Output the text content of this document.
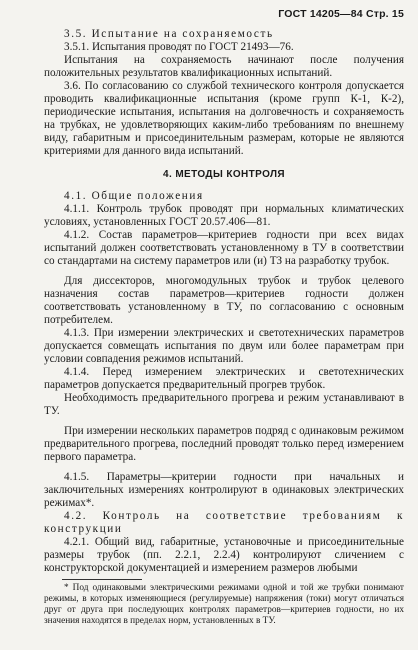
ГОСТ 14205—84 Стр. 15

3.5. Испытание на сохраняемость

3.5.1. Испытания проводят по ГОСТ 21493—76.

Испытания на сохраняемость начинают после получения положительных результатов квалификационных испытаний.

3.6. По согласованию со службой технического контроля допускается проводить квалификационные испытания (кроме групп К-1, К-2), периодические испытания, испытания на долговечность и сохраняемость на трубках, не удовлетворяющих каким-либо требованиям по внешнему виду, габаритным и присоединительным размерам, которые не являются критериями для данного вида испытаний.

4. МЕТОДЫ КОНТРОЛЯ

4.1. Общие положения

4.1.1. Контроль трубок проводят при нормальных климатических условиях, установленных ГОСТ 20.57.406—81.

4.1.2. Состав параметров—критериев годности при всех видах испытаний должен соответствовать установленному в ТУ в соответствии со стандартами на систему параметров или (и) ТЗ на разработку трубок.

Для диссекторов, многомодульных трубок и трубок целевого назначения состав параметров—критериев годности должен соответствовать установленному в ТУ, по согласованию с основным потребителем.

4.1.3. При измерении электрических и светотехнических параметров допускается совмещать испытания по двум или более параметрам при условии совпадения режимов испытаний.

4.1.4. Перед измерением электрических и светотехнических параметров допускается предварительный прогрев трубок.

Необходимость предварительного прогрева и режим устанавливают в ТУ.

При измерении нескольких параметров подряд с одинаковым режимом предварительного прогрева, последний проводят только перед измерением первого параметра.

4.1.5. Параметры—критерии годности при начальных и заключительных измерениях контролируют в одинаковых электрических режимах*.

4.2. Контроль на соответствие требованиям к конструкции

4.2.1. Общий вид, габаритные, установочные и присоединительные размеры трубок (пп. 2.2.1, 2.2.4) контролируют сличением с конструкторской документацией и измерением размеров любыми

* Под одинаковыми электрическими режимами одной и той же трубки понимают режимы, в которых изменяющиеся (регулируемые) напряжения (токи) могут отличаться друг от друга при последующих контролях параметров—критериев годности, но их значения находятся в пределах норм, установленных в ТУ.
